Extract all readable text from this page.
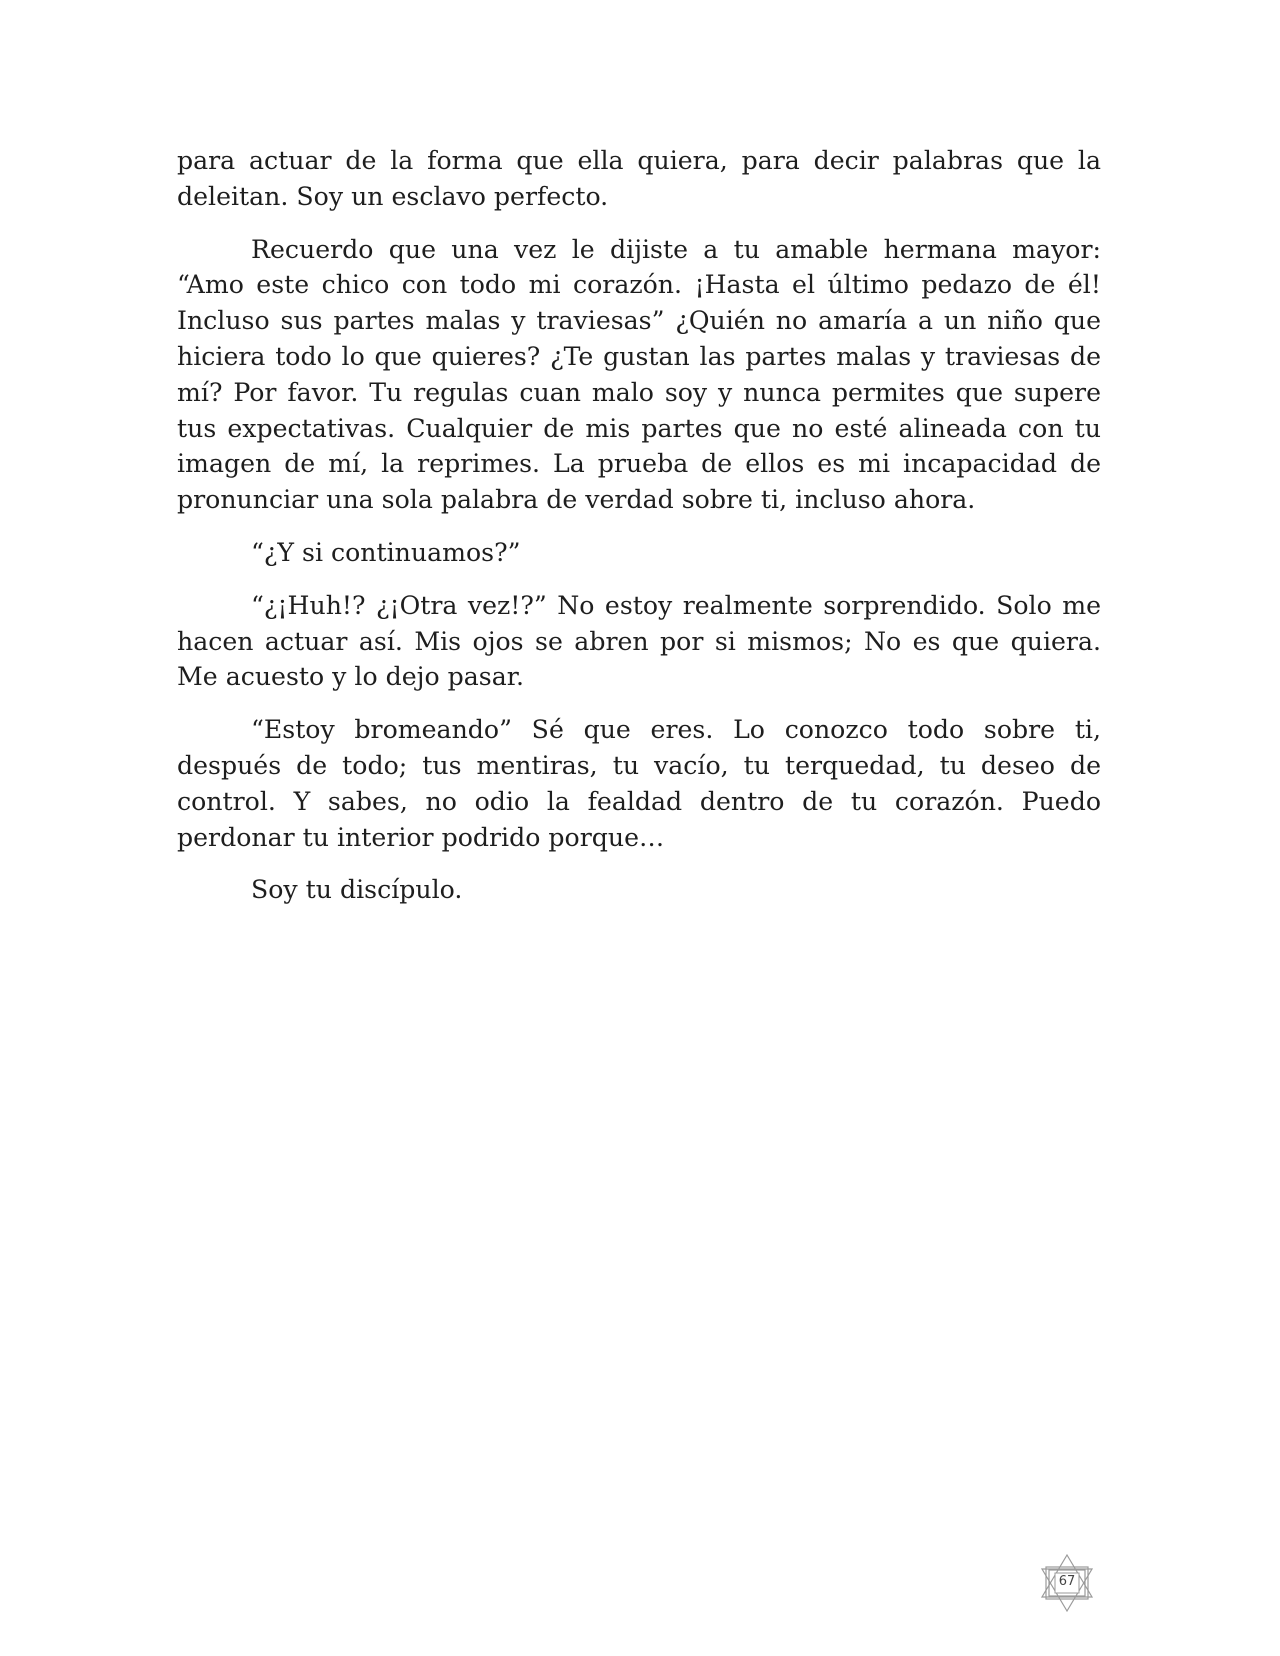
para actuar de la forma que ella quiera, para decir palabras que la deleitan. Soy un esclavo perfecto.

Recuerdo que una vez le dijiste a tu amable hermana mayor: “Amo este chico con todo mi corazón. ¡Hasta el último pedazo de él! Incluso sus partes malas y traviesas” ¿Quién no amaría a un niño que hiciera todo lo que quieres? ¿Te gustan las partes malas y traviesas de mí? Por favor. Tu regulas cuan malo soy y nunca permites que supere tus expectativas. Cualquier de mis partes que no esté alineada con tu imagen de mí, la reprimes. La prueba de ellos es mi incapacidad de pronunciar una sola palabra de verdad sobre ti, incluso ahora.

“¿Y si continuamos?”

“¿¡Huh!? ¿¡Otra vez!?” No estoy realmente sorprendido. Solo me hacen actuar así. Mis ojos se abren por si mismos; No es que quiera. Me acuesto y lo dejo pasar.

“Estoy bromeando” Sé que eres. Lo conozco todo sobre ti, después de todo; tus mentiras, tu vacío, tu terquedad, tu deseo de control. Y sabes, no odio la fealdad dentro de tu corazón. Puedo perdonar tu interior podrido porque…

Soy tu discípulo.

67
